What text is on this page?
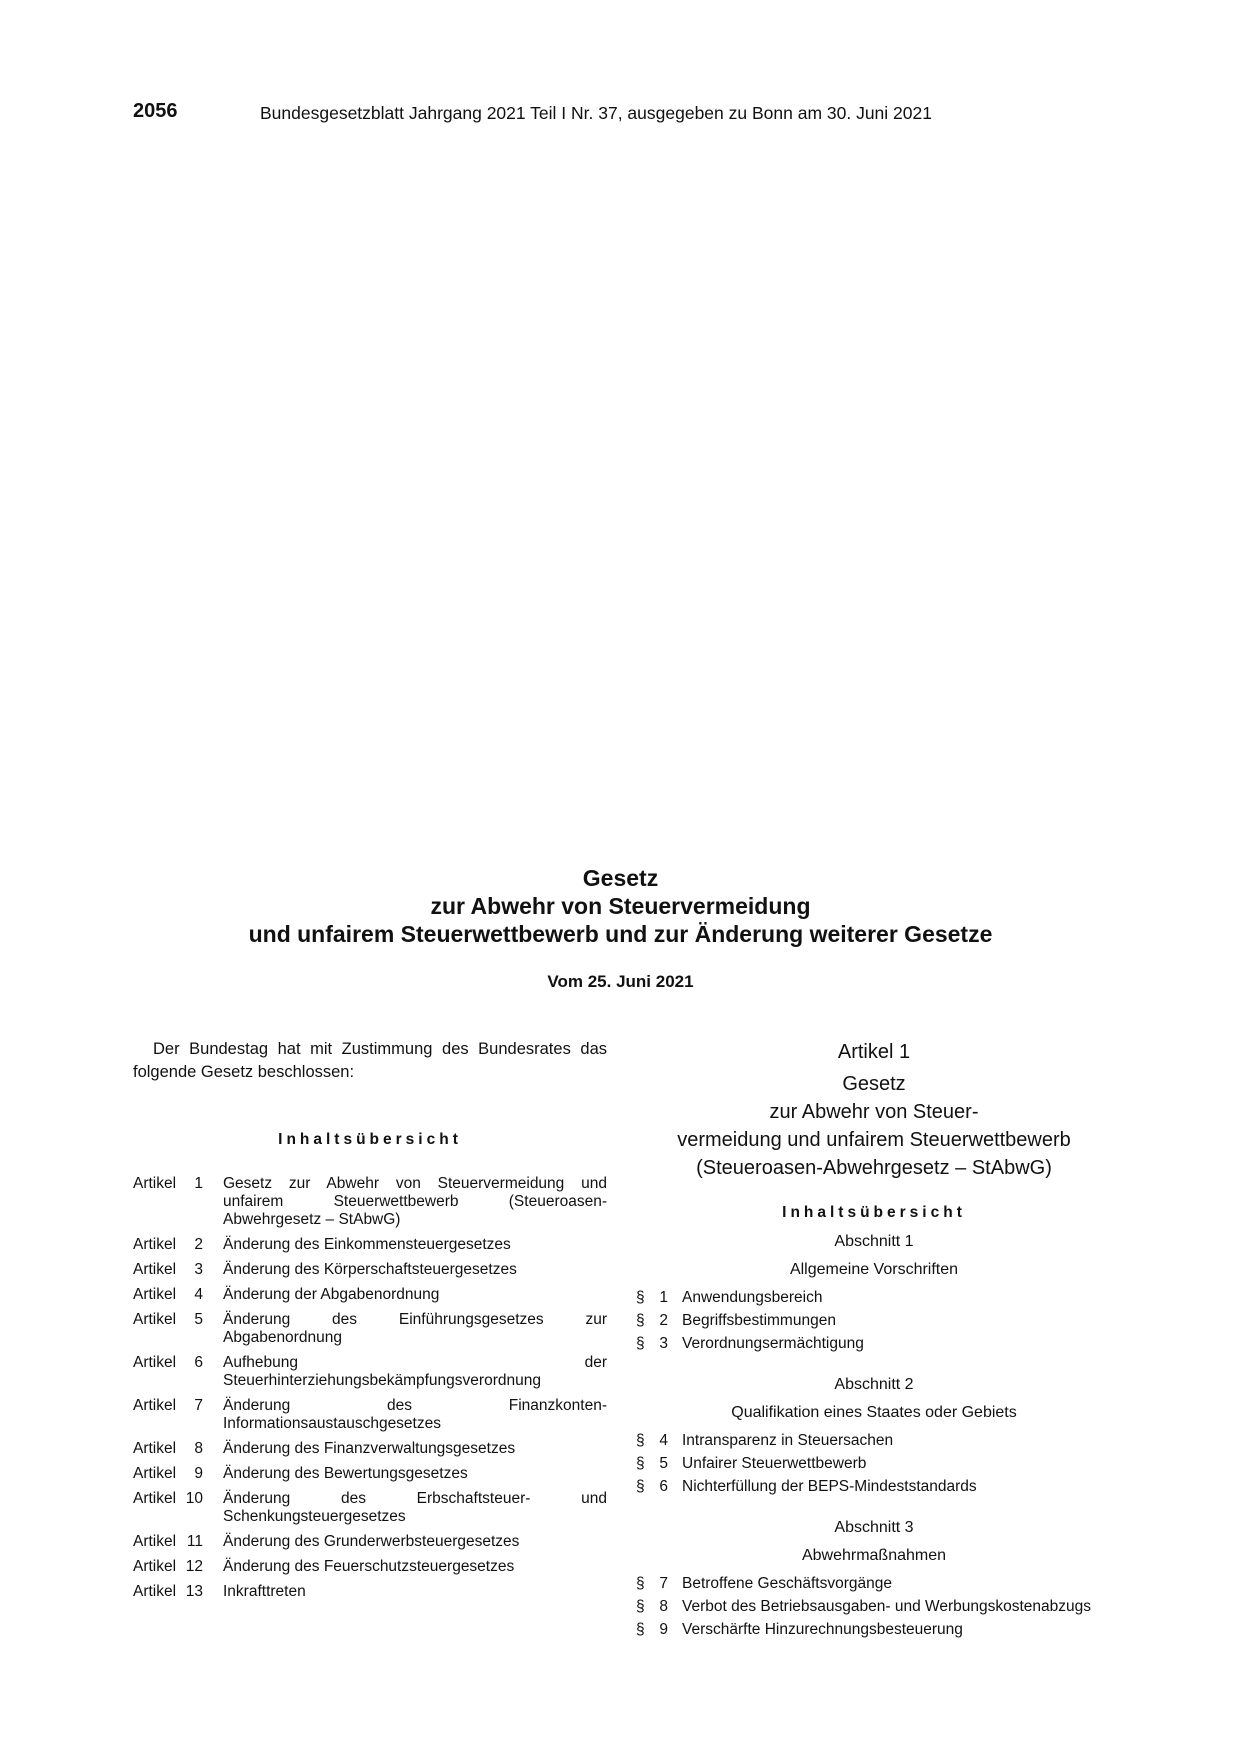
2056	Bundesgesetzblatt Jahrgang 2021 Teil I Nr. 37, ausgegeben zu Bonn am 30. Juni 2021
Gesetz
zur Abwehr von Steuervermeidung
und unfairem Steuerwettbewerb und zur Änderung weiterer Gesetze
Vom 25. Juni 2021

Der Bundestag hat mit Zustimmung des Bundesrates das folgende Gesetz beschlossen:

Inhaltsübersicht
Artikel	1 Gesetz zur Abwehr von Steuervermeidung und unfairem Steuerwettbewerb (Steueroasen-Abwehrgesetz – StAbwG)
Artikel	2 Änderung des Einkommensteuergesetzes
Artikel	3 Änderung des Körperschaftsteuergesetzes
Artikel	4 Änderung der Abgabenordnung
Artikel	5 Änderung des Einführungsgesetzes zur Abgabenordnung
Artikel	6 Aufhebung der Steuerhinterziehungsbekämpfungsverordnung
Artikel	7 Änderung des Finanzkonten-Informationsaustauschgesetzes
Artikel	8 Änderung des Finanzverwaltungsgesetzes
Artikel	9 Änderung des Bewertungsgesetzes
Artikel 10 Änderung des Erbschaftsteuer- und Schenkungsteuergesetzes
Artikel 11 Änderung des Grunderwerbsteuergesetzes
Artikel 12 Änderung des Feuerschutzsteuergesetzes
Artikel 13 Inkrafttreten
Artikel 1
Gesetz
zur Abwehr von Steuer-
vermeidung und unfairem Steuerwettbewerb
(Steueroasen-Abwehrgesetz – StAbwG)
Inhaltsübersicht
Abschnitt 1
Allgemeine Vorschriften
§ 1 Anwendungsbereich
§ 2 Begriffsbestimmungen
§ 3 Verordnungsermächtigung
Abschnitt 2
Qualifikation eines Staates oder Gebiets
§ 4 Intransparenz in Steuersachen
§ 5 Unfairer Steuerwettbewerb
§ 6 Nichterfüllung der BEPS-Mindeststandards
Abschnitt 3
Abwehrmaßnahmen
§ 7 Betroffene Geschäftsvorgänge
§ 8 Verbot des Betriebsausgaben- und Werbungskostenabzugs
§ 9 Verschärfte Hinzurechnungsbesteuerung
